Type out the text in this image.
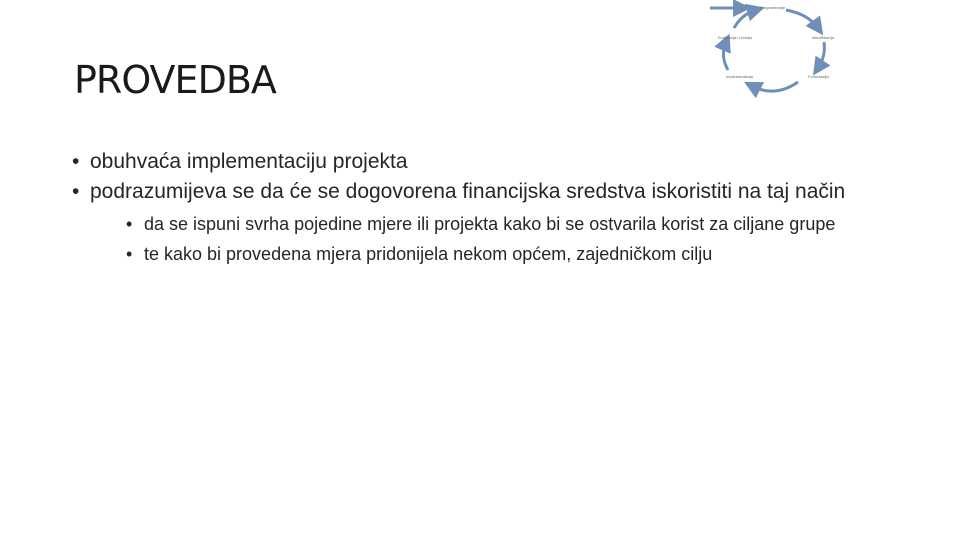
Programiranje
Identifikacija
Formulacija
Implementacija
Evaluacija i revizija
PROVEDBA
• obuhvaća implementaciju projekta
• podrazumijeva se da će se dogovorena financijska sredstva iskoristiti na taj način
• da se ispuni svrha pojedine mjere ili projekta kako bi se ostvarila korist za ciljane grupe
• te kako bi provedena mjera pridonijela nekom općem, zajedničkom cilju
